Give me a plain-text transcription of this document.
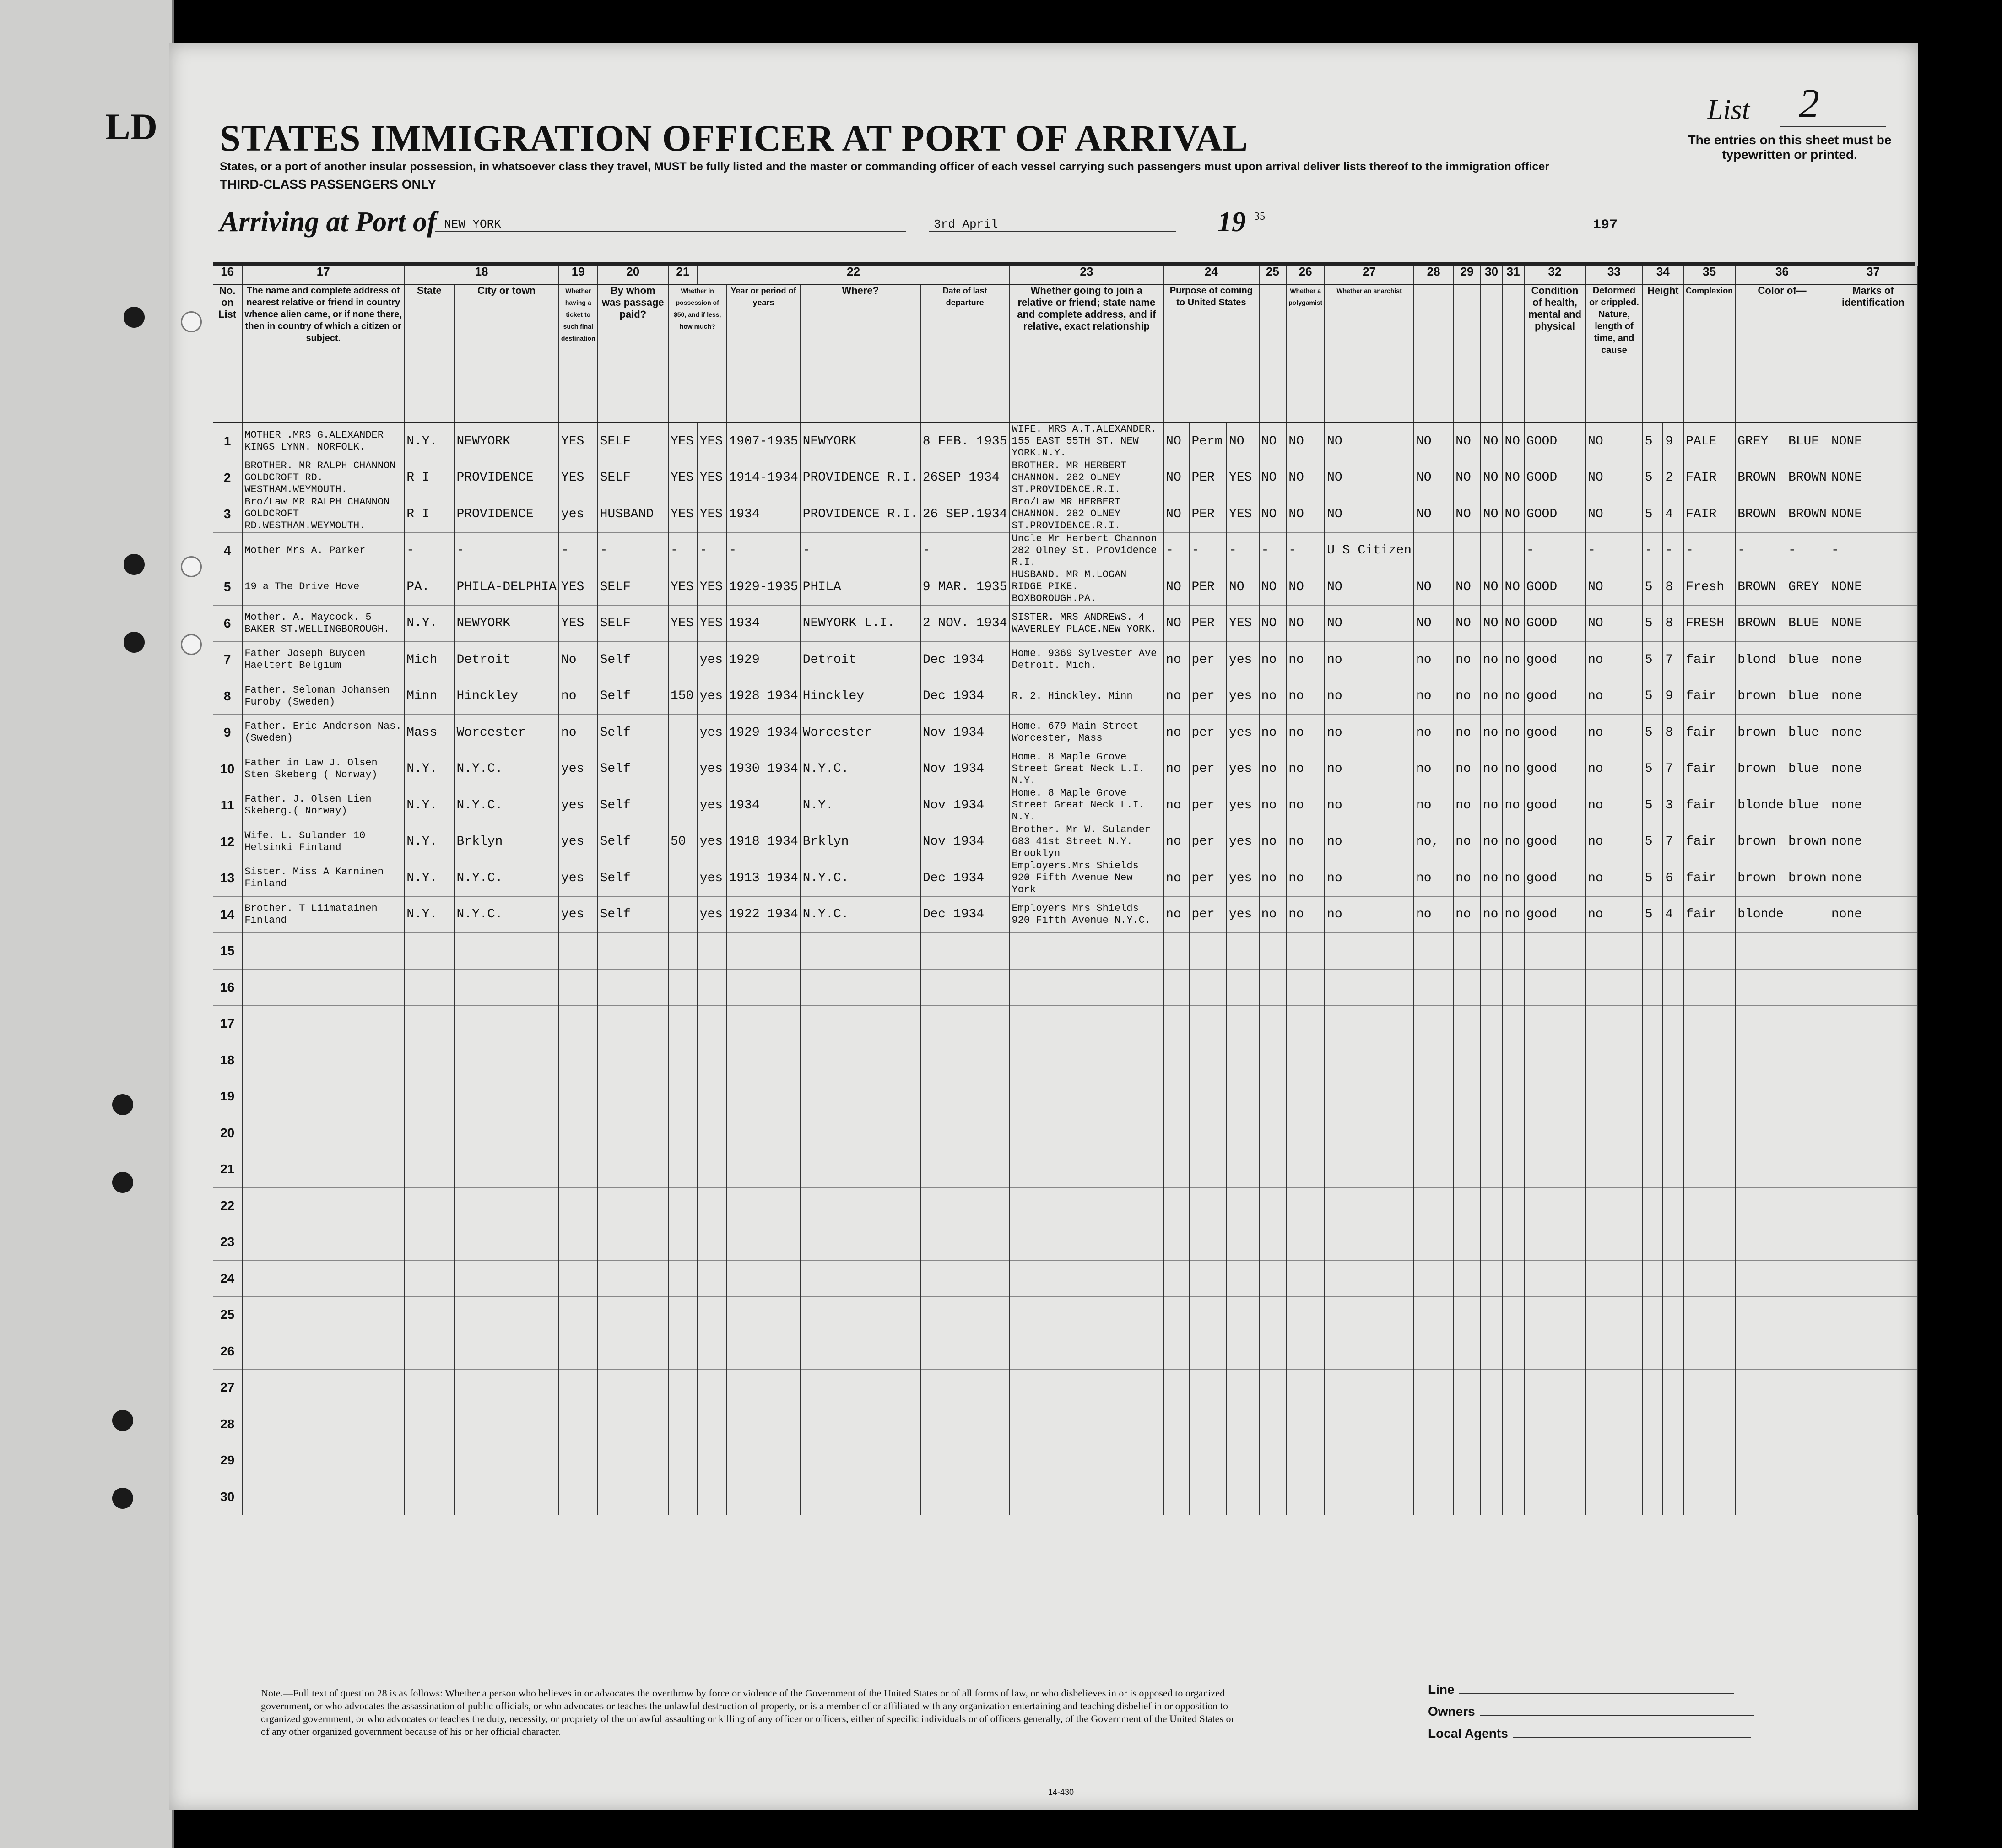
LD STATES IMMIGRATION OFFICER AT PORT OF ARRIVAL
States, or a port of another insular possession, in whatsoever class they travel, MUST be fully listed and the master or commanding officer of each vessel carrying such passengers must upon arrival deliver lists thereof to the immigration officer
THIRD-CLASS PASSENGERS ONLY
Arriving at Port of NEW YORK	3rd April	19 35
197
List 2
The entries on this sheet must be typewritten or printed.
16	17	18		19	20	21	22				23	24			25	26	27	28	29	30	31	32	33	34		35	36		37
No. on List	The name and complete address of nearest relative or friend in country whence alien came, or if none there, then in country of which a citizen or subject.	State	City or town	Whether having a ticket to such final destination	By whom was passage paid?	Whether in possession of $50, and if less, how much?		Year or period of years	Where?	Date of last departure	Whether going to join a relative or friend; state name and complete address, and if relative, exact relationship	Purpose of coming to United States				Whether a polygamist	Whether an anarchist					Condition of health, mental and physical	Deformed or crippled. Nature, length of time, and cause	Height		Complexion	Color of—		Marks of identification
1	MOTHER .MRS G.ALEXANDER KINGS LYNN. NORFOLK.	N.Y.	NEWYORK	YES	SELF	YES	YES	1907-1935	NEWYORK	8 FEB. 1935	WIFE. MRS A.T.ALEXANDER. 155 EAST 55TH ST. NEW YORK.N.Y.	NO	Perm	NO	NO	NO	NO	NO	NO	NO	NO	GOOD	NO	5	9	PALE	GREY	BLUE	NONE
2	BROTHER. MR RALPH CHANNON GOLDCROFT RD. WESTHAM.WEYMOUTH.	R I	PROVIDENCE	YES	SELF	YES	YES	1914-1934	PROVIDENCE R.I.	26SEP 1934	BROTHER. MR HERBERT CHANNON. 282 OLNEY ST.PROVIDENCE.R.I.	NO	PER	YES	NO	NO	NO	NO	NO	NO	NO	GOOD	NO	5	2	FAIR	BROWN	BROWN	NONE
3	Bro/Law MR RALPH CHANNON GOLDCROFT RD.WESTHAM.WEYMOUTH.	R I	PROVIDENCE	yes	HUSBAND	YES	YES	1934	PROVIDENCE R.I.	26 SEP.1934	Bro/Law MR HERBERT CHANNON. 282 OLNEY ST.PROVIDENCE.R.I.	NO	PER	YES	NO	NO	NO	NO	NO	NO	NO	GOOD	NO	5	4	FAIR	BROWN	BROWN	NONE
4	Mother Mrs A. Parker	-	-	-	-	-	-	-	-	-	Uncle Mr Herbert Channon 282 Olney St. Providence R.I.	-	-	-	-	-	U S Citizen					-	-	-	-	-	-	-	-
5	19 a The Drive Hove	PA.	PHILA-DELPHIA	YES	SELF	YES	YES	1929-1935	PHILA	9 MAR. 1935	HUSBAND. MR M.LOGAN RIDGE PIKE. BOXBOROUGH.PA.	NO	PER	NO	NO	NO	NO	NO	NO	NO	NO	GOOD	NO	5	8	Fresh	BROWN	GREY	NONE
6	Mother. A. Maycock. 5 BAKER ST.WELLINGBOROUGH.	N.Y.	NEWYORK	YES	SELF	YES	YES	1934	NEWYORK L.I.	2 NOV. 1934	SISTER. MRS ANDREWS. 4 WAVERLEY PLACE.NEW YORK.	NO	PER	YES	NO	NO	NO	NO	NO	NO	NO	GOOD	NO	5	8	FRESH	BROWN	BLUE	NONE
7	Father Joseph Buyden Haeltert Belgium	Mich	Detroit	No	Self		yes	1929	Detroit	Dec 1934	Home. 9369 Sylvester Ave Detroit. Mich.	no	per	yes	no	no	no	no	no	no	no	good	no	5	7	fair	blond	blue	none
8	Father. Seloman Johansen Furoby (Sweden)	Minn	Hinckley	no	Self	150	yes	1928 1934	Hinckley	Dec 1934	R. 2. Hinckley. Minn	no	per	yes	no	no	no	no	no	no	no	good	no	5	9	fair	brown	blue	none
9	Father. Eric Anderson Nas. (Sweden)	Mass	Worcester	no	Self		yes	1929 1934	Worcester	Nov 1934	Home. 679 Main Street Worcester, Mass	no	per	yes	no	no	no	no	no	no	no	good	no	5	8	fair	brown	blue	none
10	Father in Law J. Olsen Sten Skeberg ( Norway)	N.Y.	N.Y.C.	yes	Self		yes	1930 1934	N.Y.C.	Nov 1934	Home. 8 Maple Grove Street Great Neck L.I. N.Y.	no	per	yes	no	no	no	no	no	no	no	good	no	5	7	fair	brown	blue	none
11	Father. J. Olsen Lien Skeberg.( Norway)	N.Y.	N.Y.C.	yes	Self		yes	1934	N.Y.	Nov 1934	Home. 8 Maple Grove Street Great Neck L.I. N.Y.	no	per	yes	no	no	no	no	no	no	no	good	no	5	3	fair	blonde	blue	none
12	Wife. L. Sulander 10 Helsinki Finland	N.Y.	Brklyn	yes	Self	50	yes	1918 1934	Brklyn	Nov 1934	Brother. Mr W. Sulander 683 41st Street N.Y. Brooklyn	no	per	yes	no	no	no	no,	no	no	no	good	no	5	7	fair	brown	brown	none
13	Sister. Miss A Karninen Finland	N.Y.	N.Y.C.	yes	Self		yes	1913 1934	N.Y.C.	Dec 1934	Employers.Mrs Shields 920 Fifth Avenue New York	no	per	yes	no	no	no	no	no	no	no	good	no	5	6	fair	brown	brown	none
14	Brother. T Liimatainen Finland	N.Y.	N.Y.C.	yes	Self		yes	1922 1934	N.Y.C.	Dec 1934	Employers Mrs Shields 920 Fifth Avenue N.Y.C.	no	per	yes	no	no	no	no	no	no	no	good	no	5	4	fair	blonde		none
15																													
16																													
17																													
18																													
19																													
20																													
21																													
22																													
23																													
24																													
25																													
26																													
27																													
28																													
29																													
30																													
Note.—Full text of question 28 is as follows: Whether a person who believes in or advocates the overthrow by force or violence of the Government of the United States or of all forms of law, or who disbelieves in or is opposed to organized government, or who advocates the assassination of public officials, or who advocates or teaches the unlawful destruction of property, or is a member of or affiliated with any organization entertaining and teaching disbelief in or opposition to organized government, or who advocates or teaches the duty, necessity, or propriety of the unlawful assaulting or killing of any officer or officers, either of specific individuals or of officers generally, of the Government of the United States or of any other organized government because of his or her official character.
14-430
Line
Owners
Local Agents
